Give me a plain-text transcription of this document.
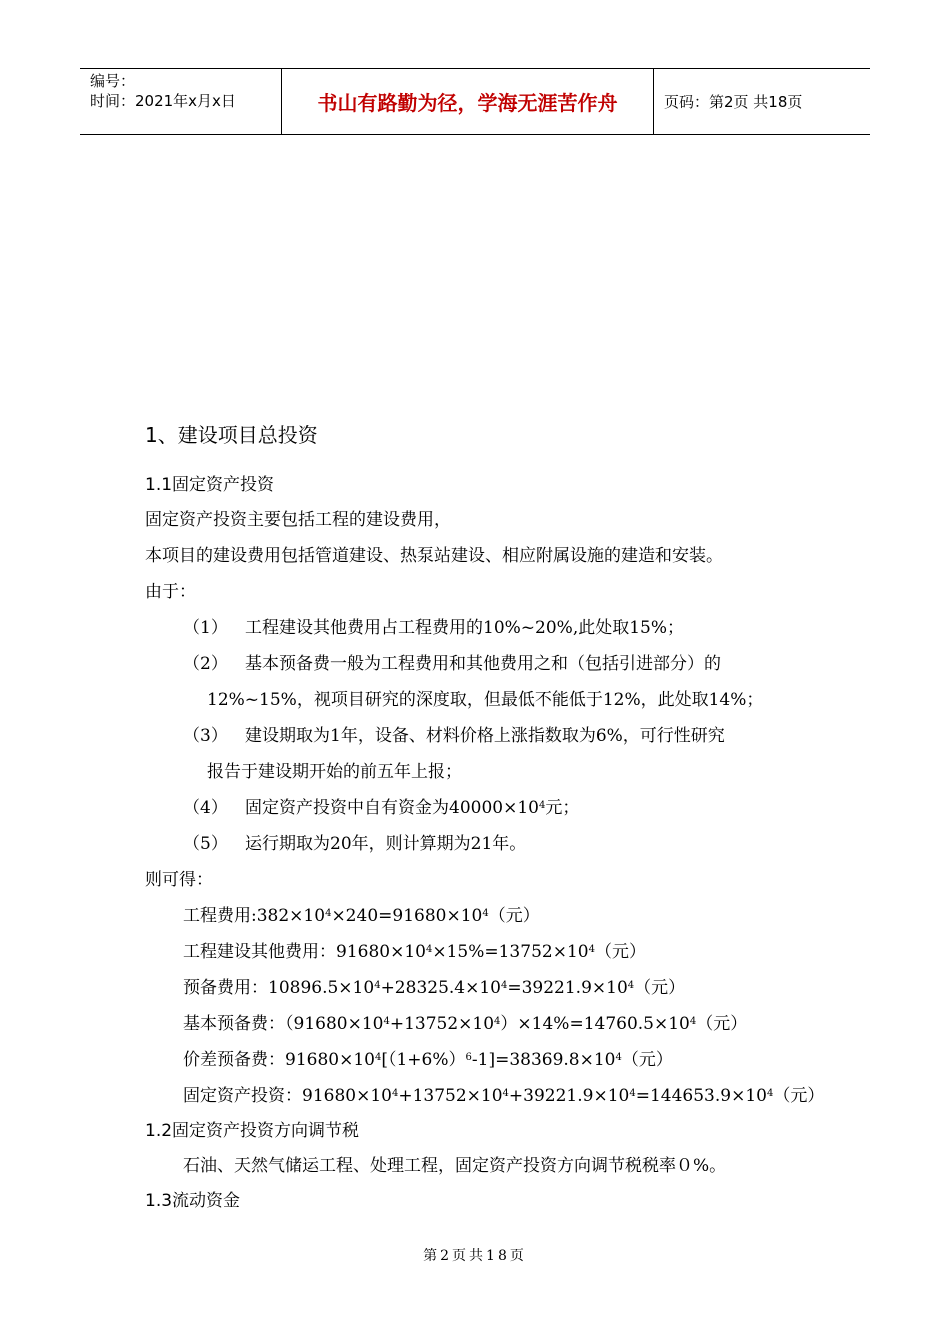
编号：
时间：2021年x月x日	书山有路勤为径，学海无涯苦作舟	页码：第2页 共18页
1、建设项目总投资
1.1固定资产投资
固定资产投资主要包括工程的建设费用，
本项目的建设费用包括管道建设、热泵站建设、相应附属设施的建造和安装。
由于：
（1）	工程建设其他费用占工程费用的10%~20%,此处取15%；
（2）	基本预备费一般为工程费用和其他费用之和（包括引进部分）的
12%~15%，视项目研究的深度取，但最低不能低于12%，此处取14%；
（3）	建设期取为1年，设备、材料价格上涨指数取为6%，可行性研究
报告于建设期开始的前五年上报；
（4）	固定资产投资中自有资金为$40000\times 10^4$元；
（5）	运行期取为20年，则计算期为21年。
则可得：
工程费用$:382\times 10^4\times 240=91680\times 10^4$（元）
工程建设其他费用：$91680\times 10^4\times 15\%=13752\times 10^4$（元）
预备费用：$10896.5\times 10^4+28325.4\times 10^4=39221.9\times 10^4$（元）
基本预备费：$(91680\times 10^4+13752\times 10^4)\times 14\%=14760.5\times 10^4$（元）
价差预备费：$91680\times 10^4[(1+6\%)^6-1]=38369.8\times 10^4$（元）
固定资产投资：$91680\times 10^4+13752\times 10^4+39221.9\times 10^4=144653.9\times 10^4$（元）
1.2固定资产投资方向调节税
石油、天然气储运工程、处理工程，固定资产投资方向调节税税率０%。
1.3流动资金
第2页共18页
